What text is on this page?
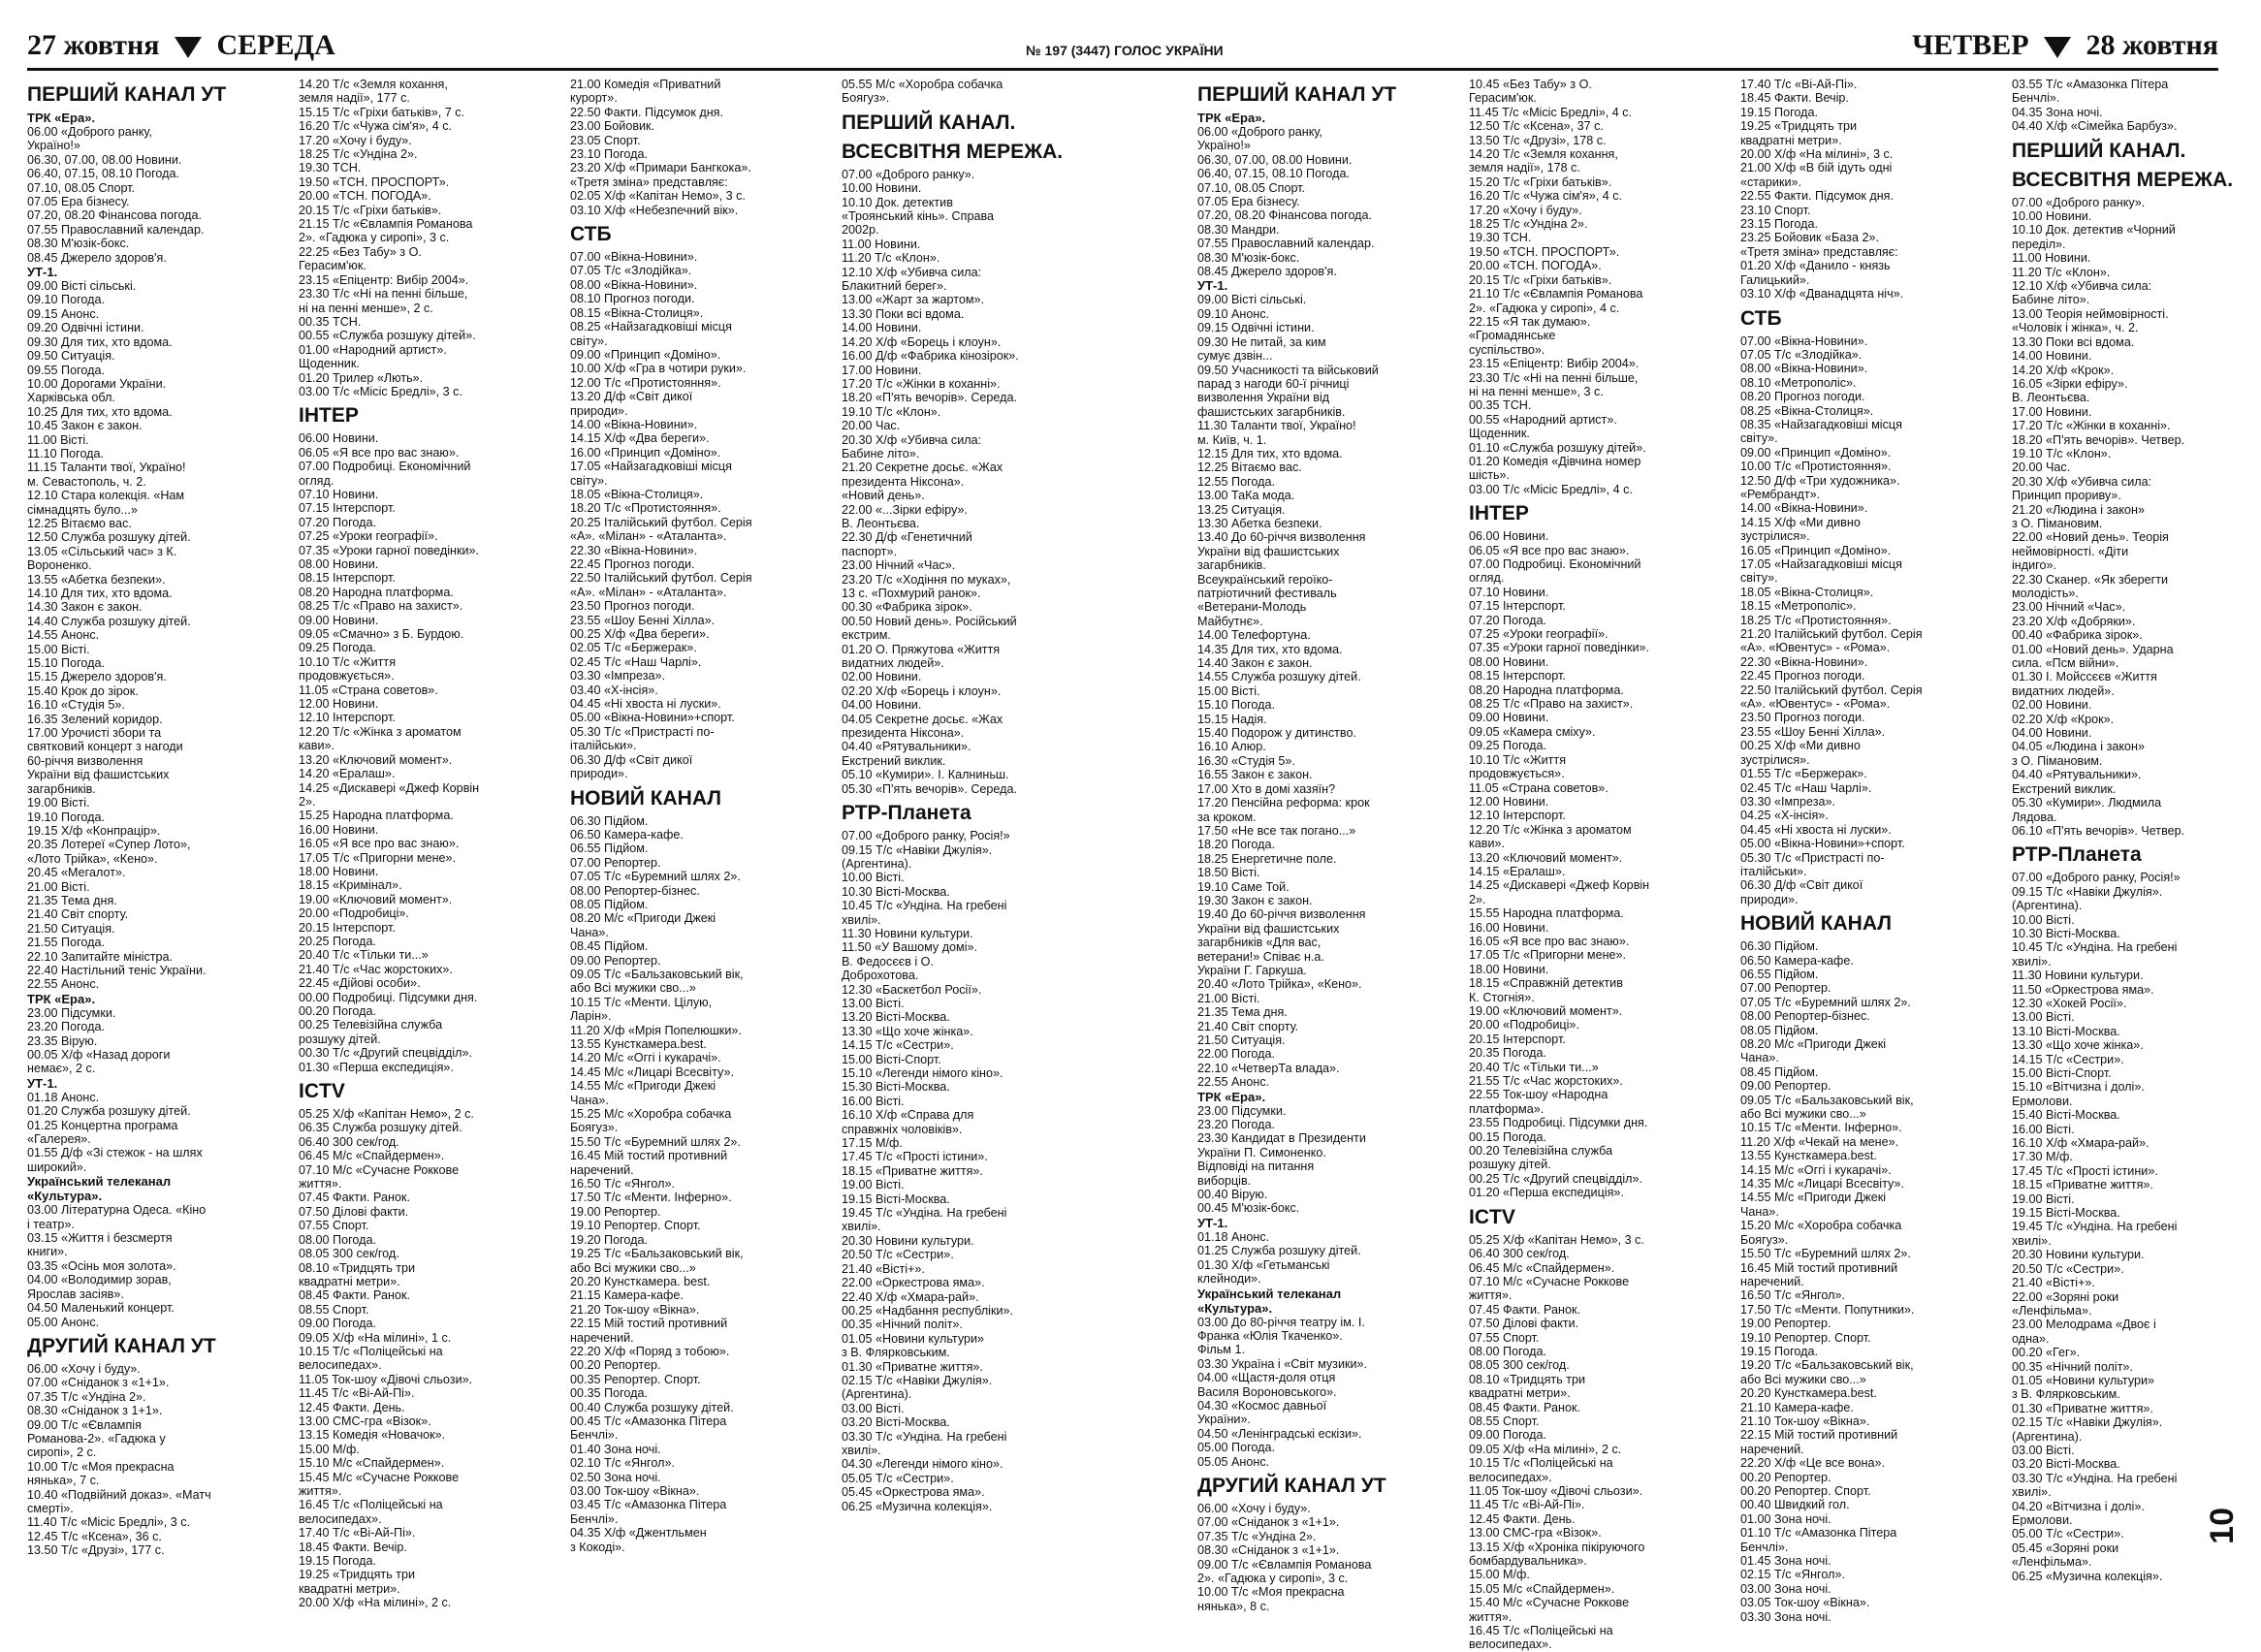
27 жовтня СЕРЕДА	№ 197 (3447) ГОЛОС УКРАЇНИ	ЧЕТВЕР 28 жовтня
ПЕРШИЙ КАНАЛ УТ
ТРК «Ера».
06.00 «Доброго ранку,
Україно!»
06.30, 07.00, 08.00 Новини.
06.40, 07.15, 08.10 Погода.
07.10, 08.05 Спорт.
07.05 Ера бізнесу.
07.20, 08.20 Фінансова погода.
07.55 Православний календар.
08.30 М'юзік-бокс.
08.45 Джерело здоров'я.
УТ-1.
09.00 Вісті сільські.
09.10 Погода.
09.15 Анонс.
09.20 Одвічні істини.
09.30 Для тих, хто вдома.
09.50 Ситуація.
09.55 Погода.
10.00 Дорогами України.
Харківська обл.
10.25 Для тих, хто вдома.
10.45 Закон є закон.
11.00 Вісті.
11.10 Погода.
11.15 Таланти твої, Україно!
м. Севастополь, ч. 2.
12.10 Стара колекція. «Нам
сімнадцять було...»
12.25 Вітаємо вас.
12.50 Служба розшуку дітей.
13.05 «Сільський час» з К.
Вороненко.
13.55 «Абетка безпеки».
14.10 Для тих, хто вдома.
14.30 Закон є закон.
14.40 Служба розшуку дітей.
14.55 Анонс.
15.00 Вісті.
15.10 Погода.
15.15 Джерело здоров'я.
15.40 Крок до зірок.
16.10 «Студія 5».
16.35 Зелений коридор.
17.00 Урочисті збори та
святковий концерт з нагоди
60-річчя визволення
України від фашистських
загарбників.
19.00 Вісті.
19.10 Погода.
19.15 Х/ф «Конпрацір».
20.35 Лотереї «Супер Лото»,
«Лото Трійка», «Кено».
20.45 «Мегалот».
21.00 Вісті.
21.35 Тема дня.
21.40 Світ спорту.
21.50 Ситуація.
21.55 Погода.
22.10 Запитайте міністра.
22.40 Настільний теніс України.
22.55 Анонс.
ТРК «Ера».
23.00 Підсумки.
23.20 Погода.
23.35 Вірую.
00.05 Х/ф «Назад дороги
немає», 2 с.
УТ-1.
01.18 Анонс.
01.20 Служба розшуку дітей.
01.25 Концертна програма
«Галерея».
01.55 Д/ф «Зі стежок - на шлях
широкий».
Український телеканал
«Культура».
03.00 Літературна Одеса. «Кіно
і театр».
03.15 «Життя і безсмертя
книги».
03.35 «Осінь моя золота».
04.00 «Володимир зорав,
Ярослав засіяв».
04.50 Маленький концерт.
05.00 Анонс.
ДРУГИЙ КАНАЛ УТ
06.00 «Хочу і буду».
07.00 «Сніданок з «1+1».
07.35 Т/с «Ундіна 2».
08.30 «Сніданок з 1+1».
09.00 Т/с «Євлампія
Романова-2». «Гадюка у
сиропі», 2 с.
10.00 Т/с «Моя прекрасна
нянька», 7 с.
10.40 «Подвійний доказ». «Матч
смерті».
11.40 Т/с «Місіс Бредлі», 3 с.
12.45 Т/с «Ксена», 36 с.
13.50 Т/с «Друзі», 177 с.
14.20 Т/с «Земля кохання,
земля надії», 177 с.
15.15 Т/с «Гріхи батьків», 7 с.
16.20 Т/с «Чужа сім'я», 4 с.
17.20 «Хочу і буду».
18.25 Т/с «Ундіна 2».
19.30 ТСН.
19.50 «ТСН. ПРОСПОРТ».
20.00 «ТСН. ПОГОДА».
20.15 Т/с «Гріхи батьків».
21.15 Т/с «Євлампія Романова
2». «Гадюка у сиропі», 3 с.
22.25 «Без Табу» з О.
Герасим'юк.
23.15 «Епіцентр: Вибір 2004».
23.30 Т/с «Ні на пенні більше,
ні на пенні менше», 2 с.
00.35 ТСН.
00.55 «Служба розшуку дітей».
01.00 «Народний артист».
Щоденник.
01.20 Трилер «Лють».
03.00 Т/с «Місіс Бредлі», 3 с.
ІНТЕР
06.00 Новини.
06.05 «Я все про вас знаю».
07.00 Подробиці. Економічний
огляд.
07.10 Новини.
07.15 Інтерспорт.
07.20 Погода.
07.25 «Уроки географії».
07.35 «Уроки гарної поведінки».
08.00 Новини.
08.15 Інтерспорт.
08.20 Народна платформа.
08.25 Т/с «Право на захист».
09.00 Новини.
09.05 «Смачно» з Б. Бурдою.
09.25 Погода.
10.10 Т/с «Життя
продовжується».
11.05 «Страна советов».
12.00 Новини.
12.10 Інтерспорт.
12.20 Т/с «Жінка з ароматом
кави».
13.20 «Ключовий момент».
14.20 «Ералаш».
14.25 «Дискавері «Джеф Корвін
2».
15.25 Народна платформа.
16.00 Новини.
16.05 «Я все про вас знаю».
17.05 Т/с «Пригорни мене».
18.00 Новини.
18.15 «Кримінал».
19.00 «Ключовий момент».
20.00 «Подробиці».
20.15 Інтерспорт.
20.25 Погода.
20.40 Т/с «Тільки ти...»
21.40 Т/с «Час жорстоких».
22.45 «Дійові особи».
00.00 Подробиці. Підсумки дня.
00.20 Погода.
00.25 Телевізійна служба
розшуку дітей.
00.30 Т/с «Другий спецвідділ».
01.30 «Перша експедиція».
ICTV
05.25 Х/ф «Капітан Немо», 2 с.
06.35 Служба розшуку дітей.
06.40 300 сек/год.
06.45 М/с «Спайдермен».
07.10 М/с «Сучасне Роккове
життя».
07.45 Факти. Ранок.
07.50 Ділові факти.
07.55 Спорт.
08.00 Погода.
08.05 300 сек/год.
08.10 «Тридцять три
квадратні метри».
08.45 Факти. Ранок.
08.55 Спорт.
09.00 Погода.
09.05 Х/ф «На мілині», 1 с.
10.15 Т/с «Поліцейські на
велосипедах».
11.05 Ток-шоу «Дівочі сльози».
11.45 Т/с «Ві-Ай-Пі».
12.45 Факти. День.
13.00 СМС-гра «Візок».
13.15 Комедія «Новачок».
15.00 М/ф.
15.10 М/с «Спайдермен».
15.45 М/с «Сучасне Роккове
життя».
16.45 Т/с «Поліцейські на
велосипедах».
17.40 Т/с «Ві-Ай-Пі».
18.45 Факти. Вечір.
19.15 Погода.
19.25 «Тридцять три
квадратні метри».
20.00 Х/ф «На мілині», 2 с.
21.00 Комедія «Приватний
курорт».
22.50 Факти. Підсумок дня.
23.00 Бойовик.
23.05 Спорт.
23.10 Погода.
23.20 Х/ф «Примари Бангкока».
«Третя зміна» представляє:
02.05 Х/ф «Капітан Немо», 3 с.
03.10 Х/ф «Небезпечний вік».
СТБ
07.00 «Вікна-Новини».
07.05 Т/с «Злодійка».
08.00 «Вікна-Новини».
08.10 Прогноз погоди.
08.15 «Вікна-Столиця».
08.25 «Найзагадковіші місця
світу».
09.00 «Принцип «Доміно».
10.00 Х/ф «Гра в чотири руки».
12.00 Т/с «Протистояння».
13.20 Д/ф «Світ дикої
природи».
14.00 «Вікна-Новини».
14.15 Х/ф «Два береги».
16.00 «Принцип «Доміно».
17.05 «Найзагадковіші місця
світу».
18.05 «Вікна-Столиця».
18.20 Т/с «Протистояння».
20.25 Італійський футбол. Серія
«А». «Мілан» - «Аталанта».
22.30 «Вікна-Новини».
22.45 Прогноз погоди.
22.50 Італійський футбол. Серія
«А». «Мілан» - «Аталанта».
23.50 Прогноз погоди.
23.55 «Шоу Бенні Хілла».
00.25 Х/ф «Два береги».
02.05 Т/с «Бержерак».
02.45 Т/с «Наш Чарлі».
03.30 «Імпреза».
03.40 «Х-інсія».
04.45 «Ні хвоста ні луски».
05.00 «Вікна-Новини»+спорт.
05.30 Т/с «Пристрасті по-
італійськи».
06.30 Д/ф «Світ дикої
природи».
НОВИЙ КАНАЛ
06.30 Підйом.
06.50 Камера-кафе.
06.55 Підйом.
07.00 Репортер.
07.05 Т/с «Буремний шлях 2».
08.00 Репортер-бізнес.
08.05 Підйом.
08.20 М/с «Пригоди Джекі
Чана».
08.45 Підйом.
09.00 Репортер.
09.05 Т/с «Бальзаковський вік,
або Всі мужики сво...»
10.15 Т/с «Менти. Цілую,
Ларін».
11.20 Х/ф «Мрія Попелюшки».
13.55 Кунсткамера.best.
14.20 М/с «Оггі і кукарачі».
14.45 М/с «Лицарі Всесвіту».
14.55 М/с «Пригоди Джекі
Чана».
15.25 М/с «Хоробра собачка
Боягуз».
15.50 Т/с «Буремний шлях 2».
16.45 Мій тостий противний
наречений.
16.50 Т/с «Янгол».
17.50 Т/с «Менти. Інферно».
19.00 Репортер.
19.10 Репортер. Спорт.
19.20 Погода.
19.25 Т/с «Бальзаковський вік,
або Всі мужики сво...»
20.20 Кунсткамера. best.
21.15 Камера-кафе.
21.20 Ток-шоу «Вікна».
22.15 Мій тостий противний
наречений.
22.20 Х/ф «Поряд з тобою».
00.20 Репортер.
00.35 Репортер. Спорт.
00.35 Погода.
00.40 Служба розшуку дітей.
00.45 Т/с «Амазонка Пітера
Бенчлі».
01.40 Зона ночі.
02.10 Т/с «Янгол».
02.50 Зона ночі.
03.00 Ток-шоу «Вікна».
03.45 Т/с «Амазонка Пітера
Бенчлі».
04.35 Х/ф «Джентльмен
з Кокоді».
05.55 М/с «Хоробра собачка
Боягуз».
ПЕРШИЙ КАНАЛ.
ВСЕСВІТНЯ МЕРЕЖА.
07.00 «Доброго ранку».
10.00 Новини.
10.10 Док. детектив
«Троянський кінь». Справа
2002р.
11.00 Новини.
11.20 Т/с «Клон».
12.10 Х/ф «Убивча сила:
Блакитний берег».
13.00 «Жарт за жартом».
13.30 Поки всі вдома.
14.00 Новини.
14.20 Х/ф «Борець і клоун».
16.00 Д/ф «Фабрика кінозірок».
17.00 Новини.
17.20 Т/с «Жінки в коханні».
18.20 «П'ять вечорів». Середа.
19.10 Т/с «Клон».
20.00 Час.
20.30 Х/ф «Убивча сила:
Бабине літо».
21.20 Секретне досьє. «Жах
президента Ніксона».
«Новий день».
22.00 «...Зірки ефіру».
В. Леонтьєва.
22.30 Д/ф «Генетичний
паспорт».
23.00 Нічний «Час».
23.20 Т/с «Ходіння по муках»,
13 с. «Похмурий ранок».
00.30 «Фабрика зірок».
00.50 Новий день». Російський
екстрим.
01.20 О. Пряжутова «Життя
видатних людей».
02.00 Новини.
02.20 Х/ф «Борець і клоун».
04.00 Новини.
04.05 Секретне досьє. «Жах
президента Ніксона».
04.40 «Рятувальники».
Екстрений виклик.
05.10 «Кумири». І. Калниньш.
05.30 «П'ять вечорів». Середа.
РТР-Планета
07.00 «Доброго ранку, Росія!»
09.15 Т/с «Навіки Джулія».
(Аргентина).
10.00 Вісті.
10.30 Вісті-Москва.
10.45 Т/с «Ундіна. На гребені
хвилі».
11.30 Новини культури.
11.50 «У Вашому домі».
В. Федосєєв і О.
Доброхотова.
12.30 «Баскетбол Росії».
13.00 Вісті.
13.20 Вісті-Москва.
13.30 «Що хоче жінка».
14.15 Т/с «Сестри».
15.00 Вісті-Спорт.
15.10 «Легенди німого кіно».
15.30 Вісті-Москва.
16.00 Вісті.
16.10 Х/ф «Справа для
справжніх чоловіків».
17.15 М/ф.
17.45 Т/с «Прості істини».
18.15 «Приватне життя».
19.00 Вісті.
19.15 Вісті-Москва.
19.45 Т/с «Ундіна. На гребені
хвилі».
20.30 Новини культури.
20.50 Т/с «Сестри».
21.40 «Вісті+».
22.00 «Оркестрова яма».
22.40 Х/ф «Хмара-рай».
00.25 «Надбання республіки».
00.35 «Нічний політ».
01.05 «Новини культури»
з В. Флярковським.
01.30 «Приватне життя».
02.15 Т/с «Навіки Джулія».
(Аргентина).
03.00 Вісті.
03.20 Вісті-Москва.
03.30 Т/с «Ундіна. На гребені
хвилі».
04.30 «Легенди німого кіно».
05.05 Т/с «Сестри».
05.45 «Оркестрова яма».
06.25 «Музична колекція».
ПЕРШИЙ КАНАЛ УТ
ТРК «Ера».
06.00 «Доброго ранку,
Україно!»
06.30, 07.00, 08.00 Новини.
06.40, 07.15, 08.10 Погода.
07.10, 08.05 Спорт.
07.05 Ера бізнесу.
07.20, 08.20 Фінансова погода.
08.30 Мандри.
07.55 Православний календар.
08.30 М'юзік-бокс.
08.45 Джерело здоров'я.
УТ-1.
09.00 Вісті сільські.
09.10 Анонс.
09.15 Одвічні істини.
09.30 Не питай, за ким
сумує дзвін...
09.50 Учасникості та військовий
парад з нагоди 60-ї річниці
визволення України від
фашистських загарбників.
11.30 Таланти твої, Україно!
м. Київ, ч. 1.
12.15 Для тих, хто вдома.
12.25 Вітаємо вас.
12.55 Погода.
13.00 ТаКа мода.
13.25 Ситуація.
13.30 Абетка безпеки.
13.40 До 60-річчя визволення
України від фашистських
загарбників.
Всеукраїнський героїко-
патріотичний фестиваль
«Ветерани-Молодь
Майбутнє».
14.00 Телефортуна.
14.35 Для тих, хто вдома.
14.40 Закон є закон.
14.55 Служба розшуку дітей.
15.00 Вісті.
15.10 Погода.
15.15 Надія.
15.40 Подорож у дитинство.
16.10 Алюр.
16.30 «Студія 5».
16.55 Закон є закон.
17.00 Хто в домі хазяїн?
17.20 Пенсійна реформа: крок
за кроком.
17.50 «Не все так погано...»
18.20 Погода.
18.25 Енергетичне поле.
18.50 Вісті.
19.10 Саме Той.
19.30 Закон є закон.
19.40 До 60-річчя визволення
України від фашистських
загарбників «Для вас,
ветерани!» Співає н.а.
України Г. Гаркуша.
20.40 «Лото Трійка», «Кено».
21.00 Вісті.
21.35 Тема дня.
21.40 Світ спорту.
21.50 Ситуація.
22.00 Погода.
22.10 «ЧетверТа влада».
22.55 Анонс.
ТРК «Ера».
23.00 Підсумки.
23.20 Погода.
23.30 Кандидат в Президенти
України П. Симоненко.
Відповіді на питання
виборців.
00.40 Вірую.
00.45 М'юзік-бокс.
УТ-1.
01.18 Анонс.
01.25 Служба розшуку дітей.
01.30 Х/ф «Гетьманські
клейноди».
Український телеканал
«Культура».
03.00 До 80-річчя театру ім. І.
Франка «Юлія Ткаченко».
Фільм 1.
03.30 Україна і «Світ музики».
04.00 «Щастя-доля отця
Василя Вороновського».
04.30 «Космос давньої
України».
04.50 «Ленінградські ескізи».
05.00 Погода.
05.05 Анонс.
ДРУГИЙ КАНАЛ УТ
06.00 «Хочу і буду».
07.00 «Сніданок з «1+1».
07.35 Т/с «Ундіна 2».
08.30 «Сніданок з «1+1».
09.00 Т/с «Євлампія Романова
2». «Гадюка у сиропі», 3 с.
10.00 Т/с «Моя прекрасна
нянька», 8 с.
10.45 «Без Табу» з О.
Герасим'юк.
11.45 Т/с «Місіс Бредлі», 4 с.
12.50 Т/с «Ксена», 37 с.
13.50 Т/с «Друзі», 178 с.
14.20 Т/с «Земля кохання,
земля надії», 178 с.
15.20 Т/с «Гріхи батьків».
16.20 Т/с «Чужа сім'я», 4 с.
17.20 «Хочу і буду».
18.25 Т/с «Ундіна 2».
19.30 ТСН.
19.50 «ТСН. ПРОСПОРТ».
20.00 «ТСН. ПОГОДА».
20.15 Т/с «Гріхи батьків».
21.10 Т/с «Євлампія Романова
2». «Гадюка у сиропі», 4 с.
22.15 «Я так думаю».
«Громадянське
суспільство».
23.15 «Епіцентр: Вибір 2004».
23.30 Т/с «Ні на пенні більше,
ні на пенні менше», 3 с.
00.35 ТСН.
00.55 «Народний артист».
Щоденник.
01.10 «Служба розшуку дітей».
01.20 Комедія «Дівчина номер
шість».
03.00 Т/с «Місіс Бредлі», 4 с.
ІНТЕР
06.00 Новини.
06.05 «Я все про вас знаю».
07.00 Подробиці. Економічний
огляд.
07.10 Новини.
07.15 Інтерспорт.
07.20 Погода.
07.25 «Уроки географії».
07.35 «Уроки гарної поведінки».
08.00 Новини.
08.15 Інтерспорт.
08.20 Народна платформа.
08.25 Т/с «Право на захист».
09.00 Новини.
09.05 «Камера сміху».
09.25 Погода.
10.10 Т/с «Життя
продовжується».
11.05 «Страна советов».
12.00 Новини.
12.10 Інтерспорт.
12.20 Т/с «Жінка з ароматом
кави».
13.20 «Ключовий момент».
14.15 «Ералаш».
14.25 «Дискавері «Джеф Корвін
2».
15.55 Народна платформа.
16.00 Новини.
16.05 «Я все про вас знаю».
17.05 Т/с «Пригорни мене».
18.00 Новини.
18.15 «Справжній детектив
К. Стогнія».
19.00 «Ключовий момент».
20.00 «Подробиці».
20.15 Інтерспорт.
20.35 Погода.
20.40 Т/с «Тільки ти...»
21.55 Т/с «Час жорстоких».
22.55 Ток-шоу «Народна
платформа».
23.55 Подробиці. Підсумки дня.
00.15 Погода.
00.20 Телевізійна служба
розшуку дітей.
00.25 Т/с «Другий спецвідділ».
01.20 «Перша експедиція».
ICTV
05.25 Х/ф «Капітан Немо», 3 с.
06.40 300 сек/год.
06.45 М/с «Спайдермен».
07.10 М/с «Сучасне Роккове
життя».
07.45 Факти. Ранок.
07.50 Ділові факти.
07.55 Спорт.
08.00 Погода.
08.05 300 сек/год.
08.10 «Тридцять три
квадратні метри».
08.45 Факти. Ранок.
08.55 Спорт.
09.00 Погода.
09.05 Х/ф «На мілині», 2 с.
10.15 Т/с «Поліцейські на
велосипедах».
11.05 Ток-шоу «Дівочі сльози».
11.45 Т/с «Ві-Ай-Пі».
12.45 Факти. День.
13.00 СМС-гра «Візок».
13.15 Х/ф «Хроніка пікіруючого
бомбардувальника».
15.00 М/ф.
15.05 М/с «Спайдермен».
15.40 М/с «Сучасне Роккове
життя».
16.45 Т/с «Поліцейські на
велосипедах».
17.40 Т/с «Ві-Ай-Пі».
18.45 Факти. Вечір.
19.15 Погода.
19.25 «Тридцять три
квадратні метри».
20.00 Х/ф «На мілині», 3 с.
21.00 Х/ф «В бій ідуть одні
«старики».
22.55 Факти. Підсумок дня.
23.10 Спорт.
23.15 Погода.
23.25 Бойовик «База 2».
«Третя зміна» представляє:
01.20 Х/ф «Данило - князь
Галицький».
03.10 Х/ф «Дванадцята ніч».
СТБ
07.00 «Вікна-Новини».
07.05 Т/с «Злодійка».
08.00 «Вікна-Новини».
08.10 «Метрополіс».
08.20 Прогноз погоди.
08.25 «Вікна-Столиця».
08.35 «Найзагадковіші місця
світу».
09.00 «Принцип «Доміно».
10.00 Т/с «Протистояння».
12.50 Д/ф «Три художника».
«Рембрандт».
14.00 «Вікна-Новини».
14.15 Х/ф «Ми дивно
зустрілися».
16.05 «Принцип «Доміно».
17.05 «Найзагадковіші місця
світу».
18.05 «Вікна-Столиця».
18.15 «Метрополіс».
18.25 Т/с «Протистояння».
21.20 Італійський футбол. Серія
«А». «Ювентус» - «Рома».
22.30 «Вікна-Новини».
22.45 Прогноз погоди.
22.50 Італійський футбол. Серія
«А». «Ювентус» - «Рома».
23.50 Прогноз погоди.
23.55 «Шоу Бенні Хілла».
00.25 Х/ф «Ми дивно
зустрілися».
01.55 Т/с «Бержерак».
02.45 Т/с «Наш Чарлі».
03.30 «Імпреза».
04.25 «Х-інсія».
04.45 «Ні хвоста ні луски».
05.00 «Вікна-Новини»+спорт.
05.30 Т/с «Пристрасті по-
італійськи».
06.30 Д/ф «Світ дикої
природи».
НОВИЙ КАНАЛ
06.30 Підйом.
06.50 Камера-кафе.
06.55 Підйом.
07.00 Репортер.
07.05 Т/с «Буремний шлях 2».
08.00 Репортер-бізнес.
08.05 Підйом.
08.20 М/с «Пригоди Джекі
Чана».
08.45 Підйом.
09.00 Репортер.
09.05 Т/с «Бальзаковський вік,
або Всі мужики сво...»
10.15 Т/с «Менти. Інферно».
11.20 Х/ф «Чекай на мене».
13.55 Кунсткамера.best.
14.15 М/с «Оггі і кукарачі».
14.35 М/с «Лицарі Всесвіту».
14.55 М/с «Пригоди Джекі
Чана».
15.20 М/с «Хоробра собачка
Боягуз».
15.50 Т/с «Буремний шлях 2».
16.45 Мій тостий противний
наречений.
16.50 Т/с «Янгол».
17.50 Т/с «Менти. Попутники».
19.00 Репортер.
19.10 Репортер. Спорт.
19.15 Погода.
19.20 Т/с «Бальзаковський вік,
або Всі мужики сво...»
20.20 Кунсткамера.best.
21.10 Камера-кафе.
21.10 Ток-шоу «Вікна».
22.15 Мій тостий противний
наречений.
22.20 Х/ф «Це все вона».
00.20 Репортер.
00.20 Репортер. Спорт.
00.40 Швидкий гол.
01.00 Зона ночі.
01.10 Т/с «Амазонка Пітера
Бенчлі».
01.45 Зона ночі.
02.15 Т/с «Янгол».
03.00 Зона ночі.
03.05 Ток-шоу «Вікна».
03.30 Зона ночі.
03.55 Т/с «Амазонка Пітера
Бенчлі».
04.35 Зона ночі.
04.40 Х/ф «Сімейка Барбуз».
ПЕРШИЙ КАНАЛ.
ВСЕСВІТНЯ МЕРЕЖА.
07.00 «Доброго ранку».
10.00 Новини.
10.10 Док. детектив «Чорний
переділ».
11.00 Новини.
11.20 Т/с «Клон».
12.10 Х/ф «Убивча сила:
Бабине літо».
13.00 Теорія неймовірності.
«Чоловік і жінка», ч. 2.
13.30 Поки всі вдома.
14.00 Новини.
14.20 Х/ф «Крок».
16.05 «Зірки ефіру».
В. Леонтьєва.
17.00 Новини.
17.20 Т/с «Жінки в коханні».
18.20 «П'ять вечорів». Четвер.
19.10 Т/с «Клон».
20.00 Час.
20.30 Х/ф «Убивча сила:
Принцип прориву».
21.20 «Людина і закон»
з О. Пімановим.
22.00 «Новий день». Теорія
неймовірності. «Діти
індиго».
22.30 Сканер. «Як зберегти
молодість».
23.00 Нічний «Час».
23.20 Х/ф «Добряки».
00.40 «Фабрика зірок».
01.00 «Новий день». Ударна
сила. «Псм війни».
01.30 І. Мойссєєв «Життя
видатних людей».
02.00 Новини.
02.20 Х/ф «Крок».
04.00 Новини.
04.05 «Людина і закон»
з О. Пімановим.
04.40 «Рятувальники».
Екстрений виклик.
05.30 «Кумири». Людмила
Лядова.
06.10 «П'ять вечорів». Четвер.
РТР-Планета
07.00 «Доброго ранку, Росія!»
09.15 Т/с «Навіки Джулія».
(Аргентина).
10.00 Вісті.
10.30 Вісті-Москва.
10.45 Т/с «Ундіна. На гребені
хвилі».
11.30 Новини культури.
11.50 «Оркестрова яма».
12.30 «Хокей Росії».
13.00 Вісті.
13.10 Вісті-Москва.
13.30 «Що хоче жінка».
14.15 Т/с «Сестри».
15.00 Вісті-Спорт.
15.10 «Вітчизна і долі».
Ермолови.
15.40 Вісті-Москва.
16.00 Вісті.
16.10 Х/ф «Хмара-рай».
17.30 М/ф.
17.45 Т/с «Прості істини».
18.15 «Приватне життя».
19.00 Вісті.
19.15 Вісті-Москва.
19.45 Т/с «Ундіна. На гребені
хвилі».
20.30 Новини культури.
20.50 Т/с «Сестри».
21.40 «Вісті+».
22.00 «Зоряні роки
«Ленфільма».
23.00 Мелодрама «Двоє і
одна».
00.20 «Гег».
00.35 «Нічний політ».
01.05 «Новини культури»
з В. Флярковським.
01.30 «Приватне життя».
02.15 Т/с «Навіки Джулія».
(Аргентина).
03.00 Вісті.
03.20 Вісті-Москва.
03.30 Т/с «Ундіна. На гребені
хвилі».
04.20 «Вітчизна і долі».
Ермолови.
05.00 Т/с «Сестри».
05.45 «Зоряні роки
«Ленфільма».
06.25 «Музична колекція».
10
